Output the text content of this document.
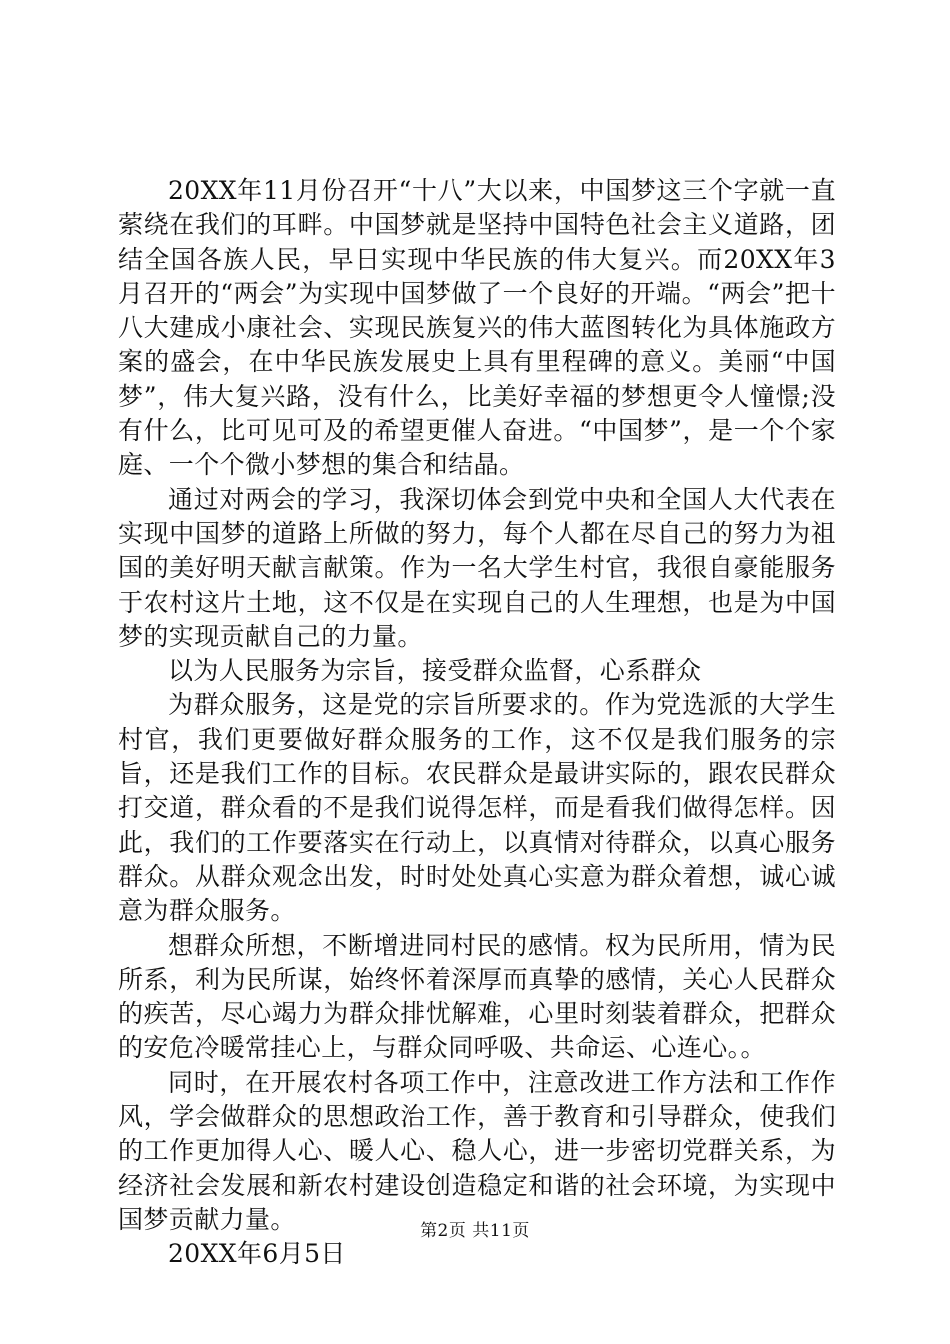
20XX年11月份召开“十八”大以来，中国梦这三个字就一直萦绕在我们的耳畔。中国梦就是坚持中国特色社会主义道路，团结全国各族人民，早日实现中华民族的伟大复兴。而20XX年3月召开的“两会”为实现中国梦做了一个良好的开端。“两会”把十八大建成小康社会、实现民族复兴的伟大蓝图转化为具体施政方案的盛会，在中华民族发展史上具有里程碑的意义。美丽“中国梦”，伟大复兴路，没有什么，比美好幸福的梦想更令人憧憬;没有什么，比可见可及的希望更催人奋进。“中国梦”，是一个个家庭、一个个微小梦想的集合和结晶。

通过对两会的学习，我深切体会到党中央和全国人大代表在实现中国梦的道路上所做的努力，每个人都在尽自己的努力为祖国的美好明天献言献策。作为一名大学生村官，我很自豪能服务于农村这片土地，这不仅是在实现自己的人生理想，也是为中国梦的实现贡献自己的力量。

以为人民服务为宗旨，接受群众监督，心系群众

为群众服务，这是党的宗旨所要求的。作为党选派的大学生村官，我们更要做好群众服务的工作，这不仅是我们服务的宗旨，还是我们工作的目标。农民群众是最讲实际的，跟农民群众打交道，群众看的不是我们说得怎样，而是看我们做得怎样。因此，我们的工作要落实在行动上，以真情对待群众，以真心服务群众。从群众观念出发，时时处处真心实意为群众着想，诚心诚意为群众服务。

想群众所想，不断增进同村民的感情。权为民所用，情为民所系，利为民所谋，始终怀着深厚而真挚的感情，关心人民群众的疾苦，尽心竭力为群众排忧解难，心里时刻装着群众，把群众的安危冷暖常挂心上，与群众同呼吸、共命运、心连心。。

同时，在开展农村各项工作中，注意改进工作方法和工作作风，学会做群众的思想政治工作，善于教育和引导群众，使我们的工作更加得人心、暖人心、稳人心，进一步密切党群关系，为经济社会发展和新农村建设创造稳定和谐的社会环境，为实现中国梦贡献力量。

20XX年6月5日

第2页 共11页
